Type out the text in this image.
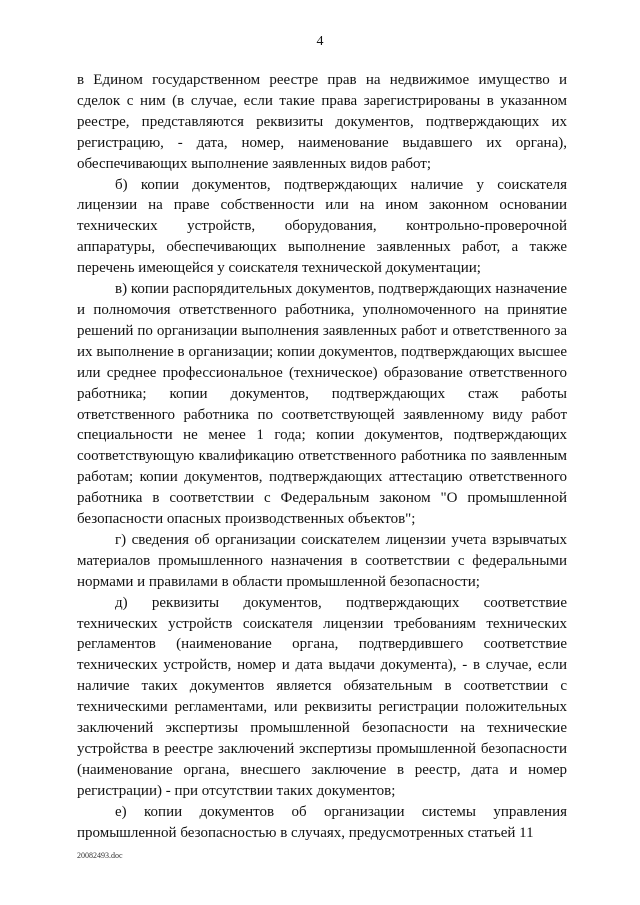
4

в Едином государственном реестре прав на недвижимое имущество и сделок с ним (в случае, если такие права зарегистрированы в указанном реестре, представляются реквизиты документов, подтверждающих их регистрацию, - дата, номер, наименование выдавшего их органа), обеспечивающих выполнение заявленных видов работ;

б) копии документов, подтверждающих наличие у соискателя лицензии на праве собственности или на ином законном основании технических устройств, оборудования, контрольно-проверочной аппаратуры, обеспечивающих выполнение заявленных работ, а также перечень имеющейся у соискателя технической документации;

в) копии распорядительных документов, подтверждающих назначение и полномочия ответственного работника, уполномоченного на принятие решений по организации выполнения заявленных работ и ответственного за их выполнение в организации; копии документов, подтверждающих высшее или среднее профессиональное (техническое) образование ответственного работника; копии документов, подтверждающих стаж работы ответственного работника по соответствующей заявленному виду работ специальности не менее 1 года; копии документов, подтверждающих соответствующую квалификацию ответственного работника по заявленным работам; копии документов, подтверждающих аттестацию ответственного работника в соответствии с Федеральным законом "О промышленной безопасности опасных производственных объектов";

г) сведения об организации соискателем лицензии учета взрывчатых материалов промышленного назначения в соответствии с федеральными нормами и правилами в области промышленной безопасности;

д) реквизиты документов, подтверждающих соответствие технических устройств соискателя лицензии требованиям технических регламентов (наименование органа, подтвердившего соответствие технических устройств, номер и дата выдачи документа), - в случае, если наличие таких документов является обязательным в соответствии с техническими регламентами, или реквизиты регистрации положительных заключений экспертизы промышленной безопасности на технические устройства в реестре заключений экспертизы промышленной безопасности (наименование органа, внесшего заключение в реестр, дата и номер регистрации) - при отсутствии таких документов;

е) копии документов об организации системы управления промышленной безопасностью в случаях, предусмотренных статьей 11

20082493.doc
